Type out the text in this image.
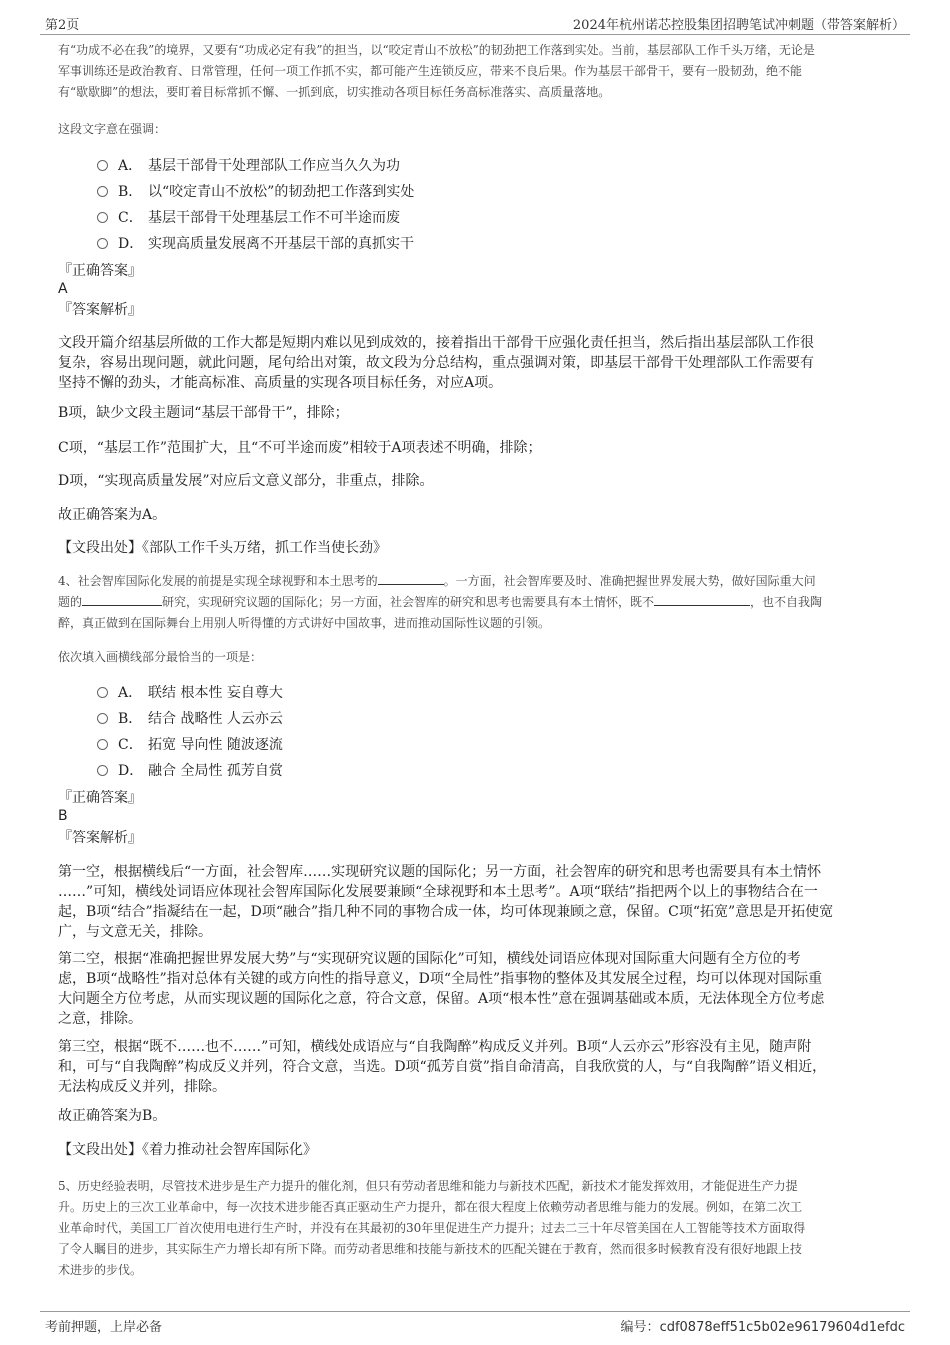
第2页	2024年杭州诺芯控股集团招聘笔试冲刺题（带答案解析）
有“功成不必在我”的境界，又要有“功成必定有我”的担当，以“咬定青山不放松”的韧劲把工作落到实处。当前，基层部队工作千头万绪，无论是
军事训练还是政治教育、日常管理，任何一项工作抓不实，都可能产生连锁反应，带来不良后果。作为基层干部骨干，要有一股韧劲，绝不能
有“歇歇脚”的想法，要盯着目标常抓不懈、一抓到底，切实推动各项目标任务高标准落实、高质量落地。
这段文字意在强调：
A． 基层干部骨干处理部队工作应当久久为功
B． 以“咬定青山不放松”的韧劲把工作落到实处
C． 基层干部骨干处理基层工作不可半途而废
D． 实现高质量发展离不开基层干部的真抓实干
『正确答案』
A
『答案解析』
文段开篇介绍基层所做的工作大都是短期内难以见到成效的，接着指出干部骨干应强化责任担当，然后指出基层部队工作很
复杂，容易出现问题，就此问题，尾句给出对策，故文段为分总结构，重点强调对策，即基层干部骨干处理部队工作需要有
坚持不懈的劲头，才能高标准、高质量的实现各项目标任务，对应A项。
B项，缺少文段主题词“基层干部骨干”，排除；
C项，“基层工作”范围扩大，且“不可半途而废”相较于A项表述不明确，排除；
D项，“实现高质量发展”对应后文意义部分，非重点，排除。
故正确答案为A。
【文段出处】《部队工作千头万绪，抓工作当使长劲》
4、社会智库国际化发展的前提是实现全球视野和本土思考的	。一方面，社会智库要及时、准确把握世界发展大势，做好国际重大问
题的	研究，实现研究议题的国际化；另一方面，社会智库的研究和思考也需要具有本土情怀，既不	，也不自我陶
醉，真正做到在国际舞台上用别人听得懂的方式讲好中国故事，进而推动国际性议题的引领。
依次填入画横线部分最恰当的一项是：
A． 联结 根本性 妄自尊大
B． 结合 战略性 人云亦云
C． 拓宽 导向性 随波逐流
D． 融合 全局性 孤芳自赏
『正确答案』
B
『答案解析』
第一空，根据横线后“一方面，社会智库……实现研究议题的国际化；另一方面，社会智库的研究和思考也需要具有本土情怀
……”可知，横线处词语应体现社会智库国际化发展要兼顾“全球视野和本土思考”。A项“联结”指把两个以上的事物结合在一
起，B项“结合”指凝结在一起，D项“融合”指几种不同的事物合成一体，均可体现兼顾之意，保留。C项“拓宽”意思是开拓使宽
广，与文意无关，排除。
第二空，根据“准确把握世界发展大势”与“实现研究议题的国际化”可知，横线处词语应体现对国际重大问题有全方位的考
虑，B项“战略性”指对总体有关键的或方向性的指导意义，D项“全局性”指事物的整体及其发展全过程，均可以体现对国际重
大问题全方位考虑，从而实现议题的国际化之意，符合文意，保留。A项“根本性”意在强调基础或本质，无法体现全方位考虑
之意，排除。
第三空，根据“既不……也不……”可知，横线处成语应与“自我陶醉”构成反义并列。B项“人云亦云”形容没有主见，随声附
和，可与“自我陶醉”构成反义并列，符合文意，当选。D项“孤芳自赏”指自命清高，自我欣赏的人，与“自我陶醉”语义相近，
无法构成反义并列，排除。
故正确答案为B。
【文段出处】《着力推动社会智库国际化》
5、历史经验表明，尽管技术进步是生产力提升的催化剂，但只有劳动者思维和能力与新技术匹配，新技术才能发挥效用，才能促进生产力提
升。历史上的三次工业革命中，每一次技术进步能否真正驱动生产力提升，都在很大程度上依赖劳动者思维与能力的发展。例如，在第二次工
业革命时代，美国工厂首次使用电进行生产时，并没有在其最初的30年里促进生产力提升；过去二三十年尽管美国在人工智能等技术方面取得
了令人瞩目的进步，其实际生产力增长却有所下降。而劳动者思维和技能与新技术的匹配关键在于教育，然而很多时候教育没有很好地跟上技
术进步的步伐。
考前押题，上岸必备	编号：cdf0878eff51c5b02e96179604d1efdc
